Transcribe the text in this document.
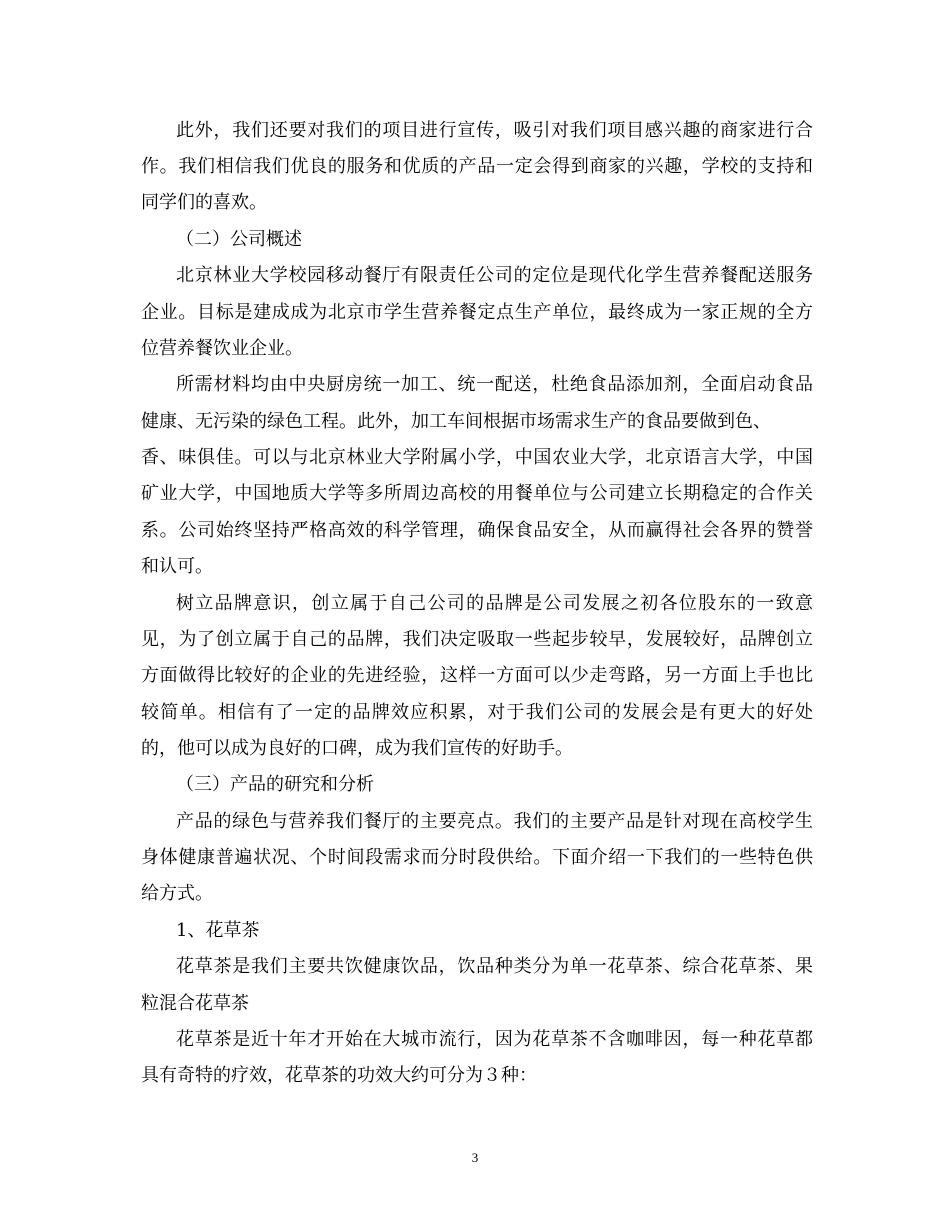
此外，我们还要对我们的项目进行宣传，吸引对我们项目感兴趣的商家进行合
作。我们相信我们优良的服务和优质的产品一定会得到商家的兴趣，学校的支持和
同学们的喜欢。
（二）公司概述
北京林业大学校园移动餐厅有限责任公司的定位是现代化学生营养餐配送服务
企业。目标是建成成为北京市学生营养餐定点生产单位，最终成为一家正规的全方
位营养餐饮业企业。
所需材料均由中央厨房统一加工、统一配送，杜绝食品添加剂，全面启动食品
健康、无污染的绿色工程。此外，加工车间根据市场需求生产的食品要做到色、
香、味俱佳。可以与北京林业大学附属小学，中国农业大学，北京语言大学，中国
矿业大学，中国地质大学等多所周边高校的用餐单位与公司建立长期稳定的合作关
系。公司始终坚持严格高效的科学管理，确保食品安全，从而赢得社会各界的赞誉
和认可。
树立品牌意识，创立属于自己公司的品牌是公司发展之初各位股东的一致意
见，为了创立属于自己的品牌，我们决定吸取一些起步较早，发展较好，品牌创立
方面做得比较好的企业的先进经验，这样一方面可以少走弯路，另一方面上手也比
较简单。相信有了一定的品牌效应积累，对于我们公司的发展会是有更大的好处
的，他可以成为良好的口碑，成为我们宣传的好助手。
（三）产品的研究和分析
产品的绿色与营养我们餐厅的主要亮点。我们的主要产品是针对现在高校学生
身体健康普遍状况、个时间段需求而分时段供给。下面介绍一下我们的一些特色供
给方式。
1、花草茶
花草茶是我们主要共饮健康饮品，饮品种类分为单一花草茶、综合花草茶、果
粒混合花草茶
花草茶是近十年才开始在大城市流行，因为花草茶不含咖啡因，每一种花草都
具有奇特的疗效，花草茶的功效大约可分为３种：
3
